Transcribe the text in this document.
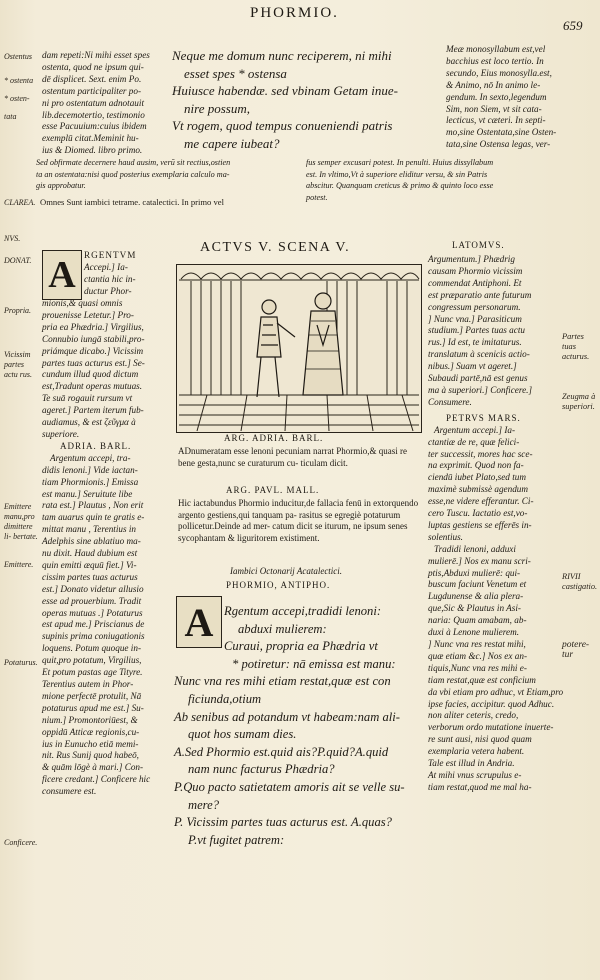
PHORMIO.
659
Ostentus
* ostenta
* osten-
tata
dam repeti:Ni mihi esset spes
ostenta, quod ne ipsum qui-
dē displicet. Sext. enim Po.
ostentum participaliter po-
ni pro ostentatum adnotauit
lib.decemotertio, testimonio
esse Pacuuium:cuius ibidem
exemplū citat.Meminit hu-
ius & Diomed. libro primo.
Sed obfirmate decernere haud ausim, verū sit rectius,ostien
ta an ostentata:nisi quod posterius exemplaria calculo ma-
gis approbatur.
CLAREA.
NVS.
Omnes Sunt iambici tetrame. catalectici. In primo vel
Neque me domum nunc reciperem, ni mihi
esset spes * ostensa
Huiusce habendæ. sed vbinam Getam inue-
nire possum,
Vt rogem, quod tempus conueniendi patris
me capere iubeat?
fus semper excusari potest. In penulti. Huius dissyllabum
est. In vltimo,Vt à superiore eliditur versu, & sin Patris
abscitur. Quanquam creticus & primo & quinto loco esse
potest.
Meæ monosyllabum est,vel
bacchius est loco tertio. In
secundo, Eius monosylla.est,
& Animo, nō In animo le-
gendum. In sexto,legendum
Sim, non Siem, vt sit cata-
lecticus, vt cæteri. In septi-
mo,sine Ostentata,sine Osten-
tata,sine Ostensa legas, ver-
ACTVS V. SCENA V.
DONAT. A RGENTVM
Accepi.] Ia-
ctantia hic in-
ductur Phor-
mionis,& quasi omnis
prouenisse Letetur.] Pro-
pria ea Phædria.] Virgilius,
Connubio iungā stabili,pro-
priámque dicabo.] Vicissim
partes tuas acturus est.] Se-
cundum illud quod dictum
est,Tradunt operas mutuas.
Te suā rogauit rursum vt
ageret.] Partem iterum fub-
audiamus, & est ζεῦγμα à
superiore.
ADRIA. BARL.
Argentum accepi, tra-
didis lenoni.] Vide iactan-
tiam Phormionis.] Emissa
est manu.] Seruitute libe
rata est.] Plautus , Non erit
tam auarus quin te gratis e-
mittat manu , Terentius in
Adelphis sine ablatiuo ma-
nu dixit. Haud dubium est
quin emitti æquū fiet.] Vi-
cissim partes tuas acturus
est.] Donato videtur allusio
esse ad prouerbium. Tradit
operas mutuas .] Potaturus
est apud me.] Priscianus de
supinis prima coniugationis
loquens. Potum quoque in-
quit,pro potatum, Virgilius,
Et potum pastas age Tityre.
Terentius autem in Phor-
mione perfectē protulit, Nā
potaturus apud me est.] Su-
nium.] Promontoriūest, &
oppidū Atticæ regionis,cu-
ius in Eunucho etiā memi-
nit. Rus Sunij quod habeō,
& quām lōgè à mari.] Con-
ficere credant.] Conficere hic
consumere est.
Propria.
Vicissim partes actu rus.
Emittere manu,pro dimittere li- bertate.
Emittere.
Potaturus.
Conficere.
ARG. ADRIA. BARL.
ADnumeratam esse lenoni pecuniam narrat Phormio,& quasi re bene gesta,nunc se curaturum cu- ticulam dicit.
ARG. PAVL. MALL.
Hic iactabundus Phormio inducitur,de fallacia fenū in extorquendo argento gestiens,qui tanquam pa- rasitus se egregiè potaturum pollicetur.Deinde ad mer- catum dicit se iturum, ne ipsum senes sycophantam & liguritorem existiment.
Iambici Octonarij Acatalectici.
PHORMIO, ANTIPHO.
A Rgentum accepi,tradidi lenoni:
abduxi mulierem:
Curaui, propria ea Phædria vt
* potiretur: nā emissa est manu:
Nunc vna res mihi etiam restat,quæ est con
ficiunda,otium
Ab senibus ad potandum vt habeam:nam ali-
quot hos sumam dies.
A.Sed Phormio est.quid ais?P.quid?A.quid
nam nunc facturus Phædria?
P.Quo pacto satietatem amoris ait se velle su-
mere?
P. Vicissim partes tuas acturus est. A.quas?
P.vt fugitet patrem:
LATOMVS.
Argumentum.] Phædrig
causam Phormio vicissim
commendat Antiphoni. Et
est præparatio ante futurum
congressum personarum.
] Nunc vna.] Parasiticum
studium.] Partes tuas actu
rus.] Id est, te imitaturus.
translatum à scenicis actio-
nibus.] Suam vt ageret.]
Subaudi partē,nā est genus
ma à superiori.] Conficere.]
Consumere.
PETRVS MARS.
Argentum accepi.] Ia-
ctantiæ de re, quæ felici-
ter successit, mores hac sce-
na exprimit. Quod non fa-
ciendū iubet Plato,sed tum
maximè submissè agendum
esse,ne videre efferantur. Ci-
cero Tuscu. Iactatio est,vo-
luptas gestiens se efferēs in-
solentius.
Tradidi lenoni, adduxi
mulierē.] Nos ex manu scri-
ptis,Abduxi mulierē: qui-
buscum faciunt Venetum et
Lugdunense & alia plera-
que,Sic & Plautus in Asi-
naria: Quam amabam, ab-
duxi à Lenone mulierem.
] Nunc vna res restat mihi,
quæ etiam &c.] Nos ex an-
tiquis,Nunc vna res mihi e-
tiam restat,quæ est conficium
da vbi etiam pro adhuc, vt Etiam,pro
ipse facies, accipitur. quod Adhuc.
non aliter ceteris, credo,
verborum ordo mutatione inuerte-
re sunt ausi, nisi quod quam
exemplaria vetera habent.
Tale est illud in Andria.
At mihi vnus scrupulus e-
tiam restat,quod me mal ha-
Partes tuas acturus.
Zeugma à superiori.
RIVII castigatio.
potere-tur
